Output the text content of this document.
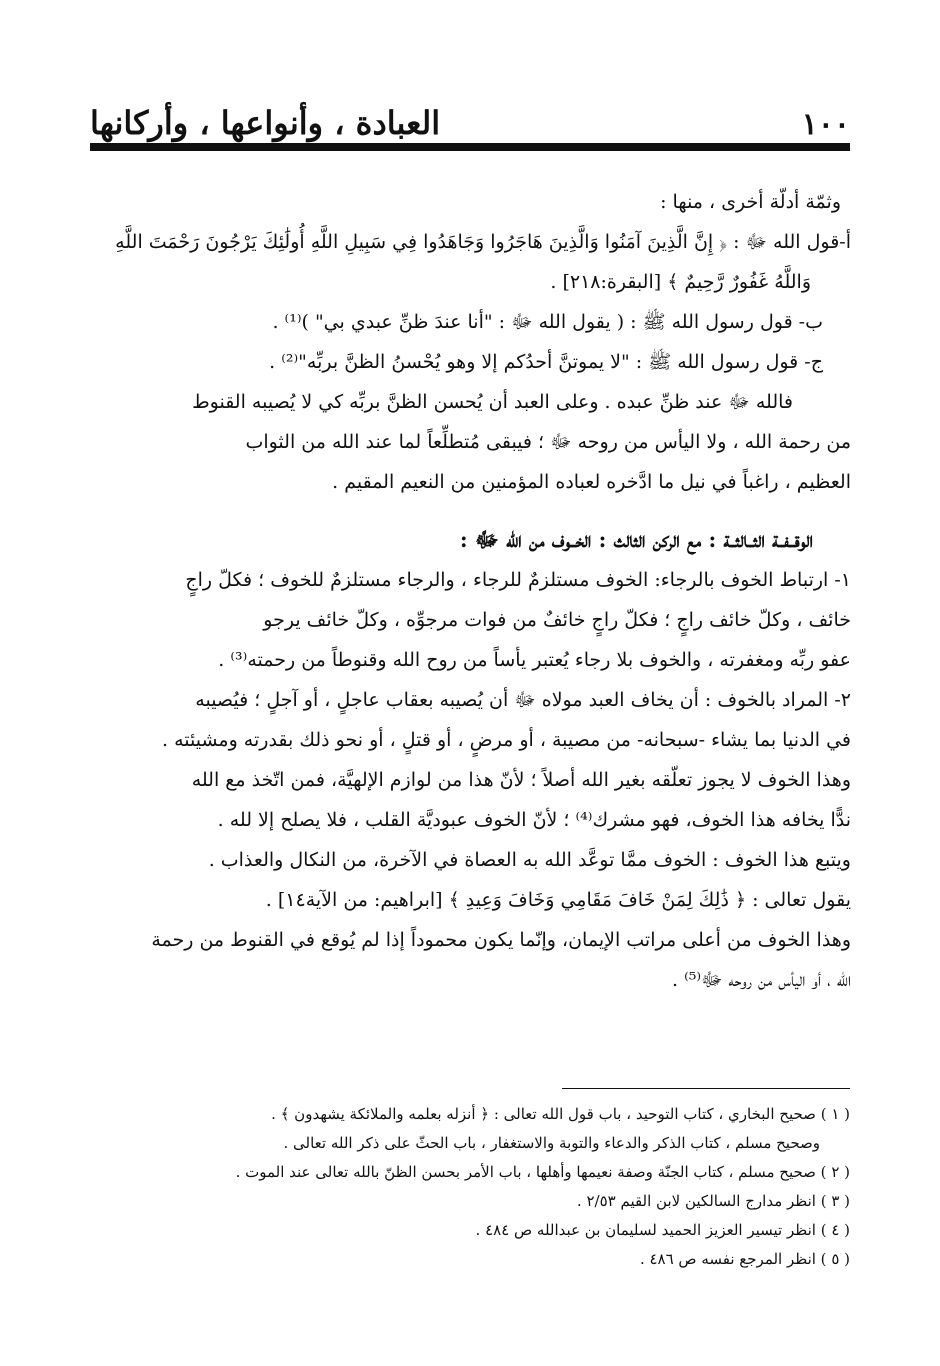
١٠٠
العبادة ، وأنواعها ، وأركانها

وثمّة أدلّة أخرى ، منها :

أ-قول الله ﷻ : ﴿ إِنَّ الَّذِينَ آمَنُوا وَالَّذِينَ هَاجَرُوا وَجَاهَدُوا فِي سَبِيلِ اللَّهِ أُولَٰئِكَ يَرْجُونَ رَحْمَتَ اللَّهِ

وَاللَّهُ غَفُورٌ رَّحِيمٌ ﴾ [البقرة:٢١٨] .

ب- قول رسول الله ﷺ : ( يقول الله ﷻ : "أنا عندَ ظنِّ عبدي بي" )⁽¹⁾ .

ج- قول رسول الله ﷺ : "لا يموتنَّ أحدُكم إلا وهو يُحْسنُ الظنَّ بربِّه"⁽²⁾ .

فالله ﷻ عند ظنِّ عبده . وعلى العبد أن يُحسن الظنَّ بربِّه كي لا يُصيبه القنوط

من رحمة الله ، ولا اليأس من روحه ﷻ ؛ فيبقى مُتطلِّعاً لما عند الله من الثواب

العظيم ، راغباً في نيل ما ادَّخره لعباده المؤمنين من النعيم المقيم .

الوقــفــة الثــالثــة : مع الركن الثالث : الخــوف من الله ﷻ :

١- ارتباط الخوف بالرجاء: الخوف مستلزمٌ للرجاء ، والرجاء مستلزمٌ للخوف ؛ فكلّ راجٍ

خائف ، وكلّ خائف راجٍ ؛ فكلّ راجٍ خائفٌ من فوات مرجوِّه ، وكلّ خائف يرجو

عفو ربِّه ومغفرته ، والخوف بلا رجاء يُعتبر يأساً من روح الله وقنوطاً من رحمته⁽³⁾ .

٢- المراد بالخوف : أن يخاف العبد مولاه ﷻ أن يُصيبه بعقاب عاجلٍ ، أو آجلٍ ؛ فيُصيبه

في الدنيا بما يشاء -سبحانه- من مصيبة ، أو مرضٍ ، أو قتلٍ ، أو نحو ذلك بقدرته ومشيئته .

وهذا الخوف لا يجوز تعلّقه بغير الله أصلاً ؛ لأنّ هذا من لوازم الإلهيَّة، فمن اتّخذ مع الله

ندًّا يخافه هذا الخوف، فهو مشرك⁽⁴⁾ ؛ لأنّ الخوف عبوديَّة القلب ، فلا يصلح إلا لله .

ويتبع هذا الخوف : الخوف ممَّا توعَّد الله به العصاة في الآخرة، من النكال والعذاب .

يقول تعالى : ﴿ ذَٰلِكَ لِمَنْ خَافَ مَقَامِي وَخَافَ وَعِيدِ ﴾ [ابراهيم: من الآية١٤] .

وهذا الخوف من أعلى مراتب الإيمان، وإنّما يكون محموداً إذا لم يُوقع في القنوط من رحمة

الله ، أو اليأس من روحه ﷻ⁽⁵⁾ .

( ١ ) صحيح البخاري ، كتاب التوحيد ، باب قول الله تعالى : ﴿ أنزله بعلمه والملائكة يشهدون ﴾ .

وصحيح مسلم ، كتاب الذكر والدعاء والتوبة والاستغفار ، باب الحثّ على ذكر الله تعالى .

( ٢ ) صحيح مسلم ، كتاب الجنّة وصفة نعيمها وأهلها ، باب الأمر بحسن الظنّ بالله تعالى عند الموت .

( ٣ ) انظر مدارج السالكين لابن القيم ٢/٥٣ .

( ٤ ) انظر تيسير العزيز الحميد لسليمان بن عبدالله ص ٤٨٤ .

( ٥ ) انظر المرجع نفسه ص ٤٨٦ .
